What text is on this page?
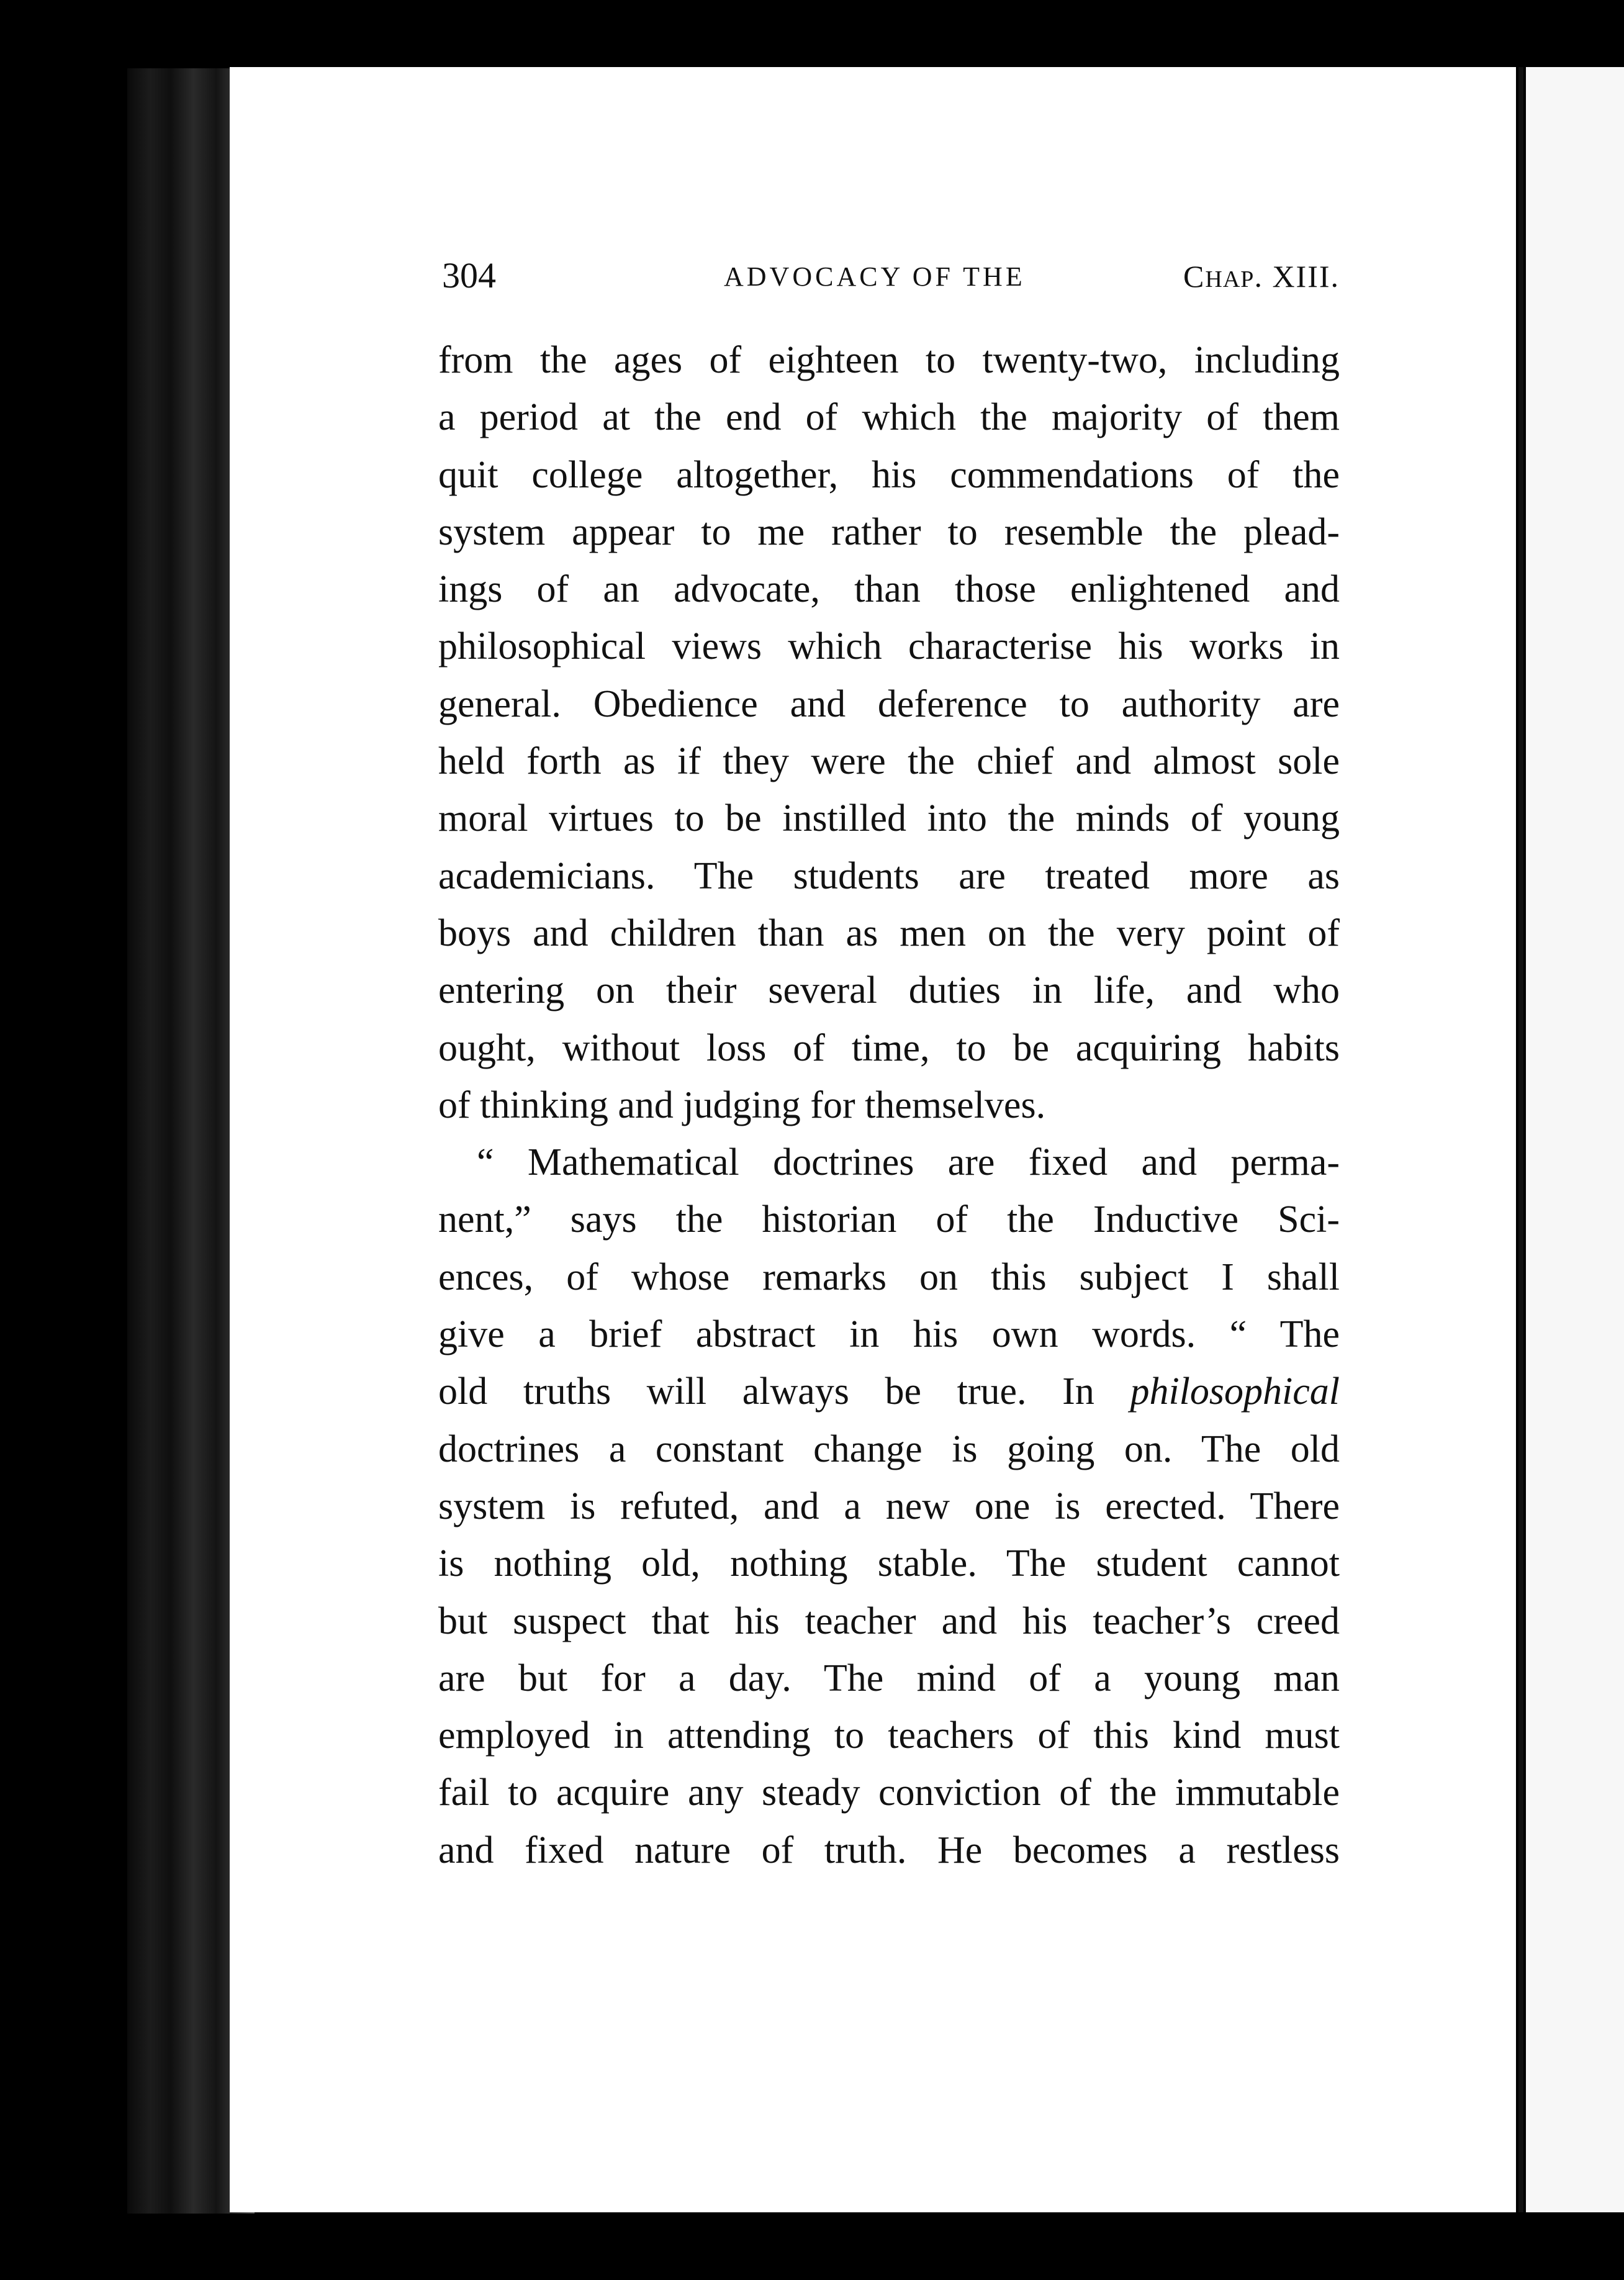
304	ADVOCACY OF THE	CHAP. XIII.
from the ages of eighteen to twenty-two, including
a period at the end of which the majority of them
quit college altogether, his commendations of the
system appear to me rather to resemble the plead-
ings of an advocate, than those enlightened and
philosophical views which characterise his works in
general. Obedience and deference to authority are
held forth as if they were the chief and almost sole
moral virtues to be instilled into the minds of young
academicians. The students are treated more as
boys and children than as men on the very point of
entering on their several duties in life, and who
ought, without loss of time, to be acquiring habits
of thinking and judging for themselves.
“ Mathematical doctrines are fixed and perma-
nent,” says the historian of the Inductive Sci-
ences, of whose remarks on this subject I shall
give a brief abstract in his own words. “ The
old truths will always be true. In philosophical
doctrines a constant change is going on. The old
system is refuted, and a new one is erected. There
is nothing old, nothing stable. The student cannot
but suspect that his teacher and his teacher’s creed
are but for a day. The mind of a young man
employed in attending to teachers of this kind must
fail to acquire any steady conviction of the immutable
and fixed nature of truth. He becomes a restless
